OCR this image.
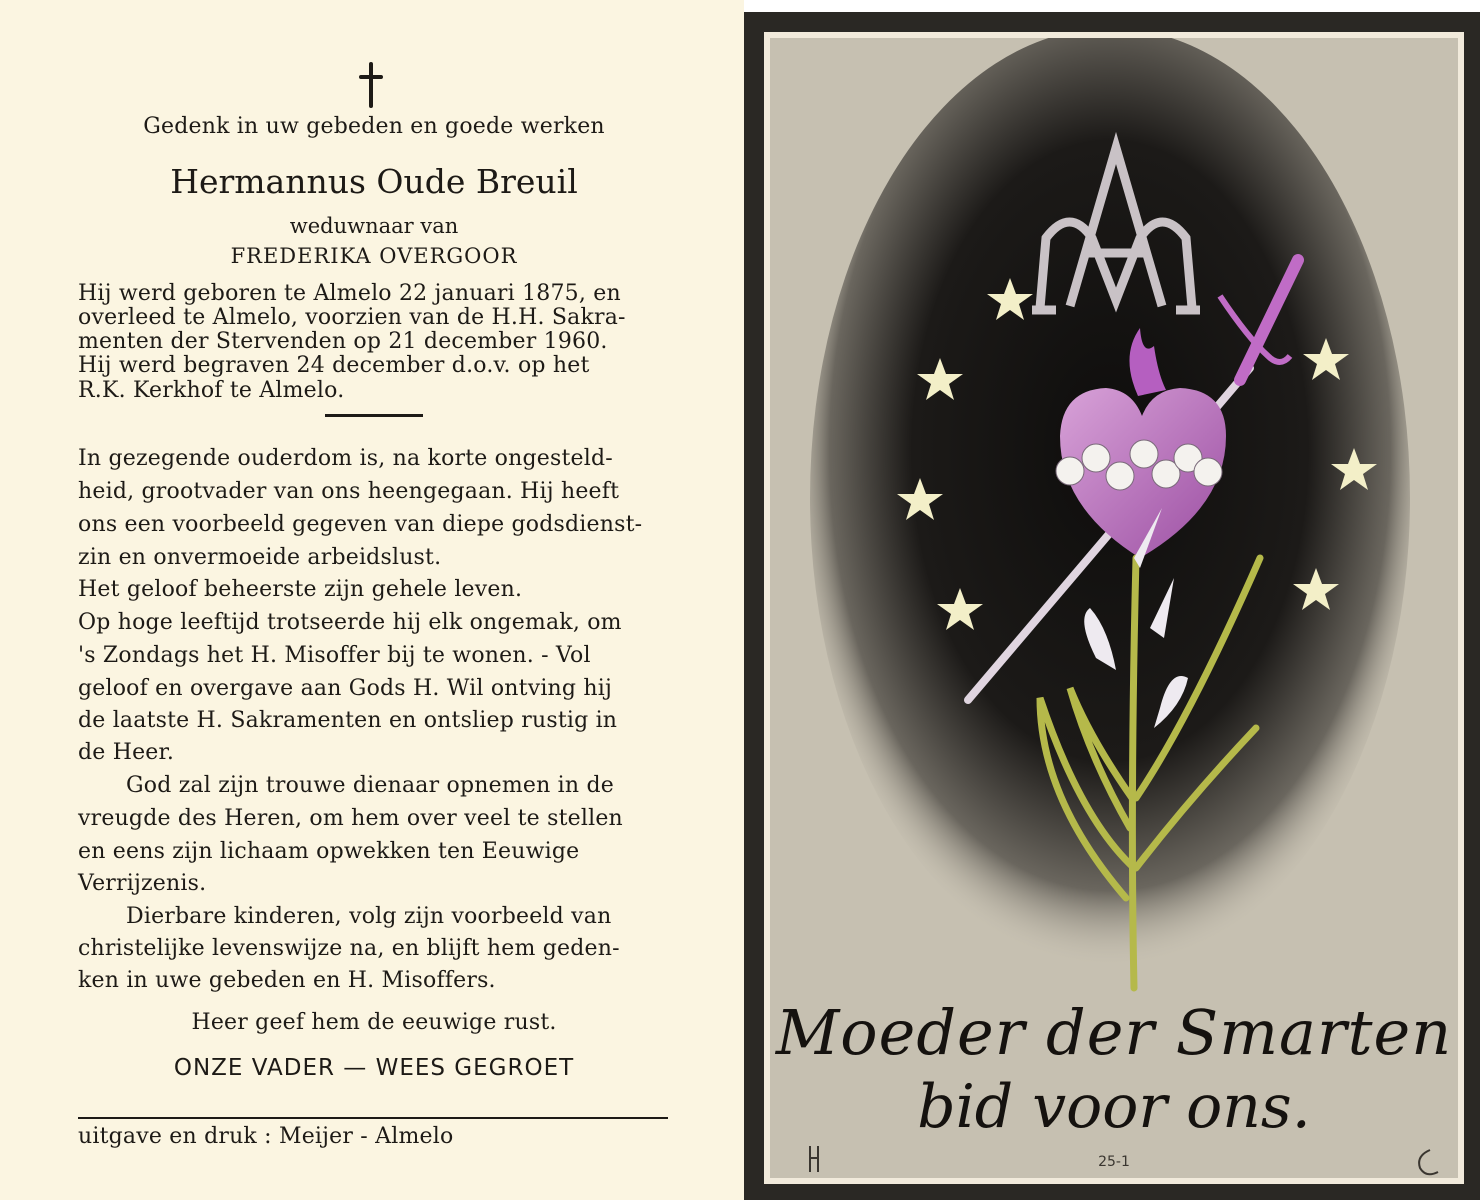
Gedenk in uw gebeden en goede werken
Hermannus Oude Breuil
weduwnaar van
FREDERIKA OVERGOOR
Hij werd geboren te Almelo 22 januari 1875, en
overleed te Almelo, voorzien van de H.H. Sakra-
menten der Stervenden op 21 december 1960.
Hij werd begraven 24 december d.o.v. op het
R.K. Kerkhof te Almelo.
In gezegende ouderdom is, na korte ongesteld-
heid, grootvader van ons heengegaan. Hij heeft
ons een voorbeeld gegeven van diepe godsdienst-
zin en onvermoeide arbeidslust.
Het geloof beheerste zijn gehele leven.
Op hoge leeftijd trotseerde hij elk ongemak, om
's Zondags het H. Misoffer bij te wonen. - Vol
geloof en overgave aan Gods H. Wil ontving hij
de laatste H. Sakramenten en ontsliep rustig in
de Heer.
God zal zijn trouwe dienaar opnemen in de
vreugde des Heren, om hem over veel te stellen
en eens zijn lichaam opwekken ten Eeuwige
Verrijzenis.
Dierbare kinderen, volg zijn voorbeeld van
christelijke levenswijze na, en blijft hem geden-
ken in uwe gebeden en H. Misoffers.
Heer geef hem de eeuwige rust.
ONZE VADER — WEES GEGROET
uitgave en druk : Meijer - Almelo
Moeder der Smarten
bid voor ons.
25-1
